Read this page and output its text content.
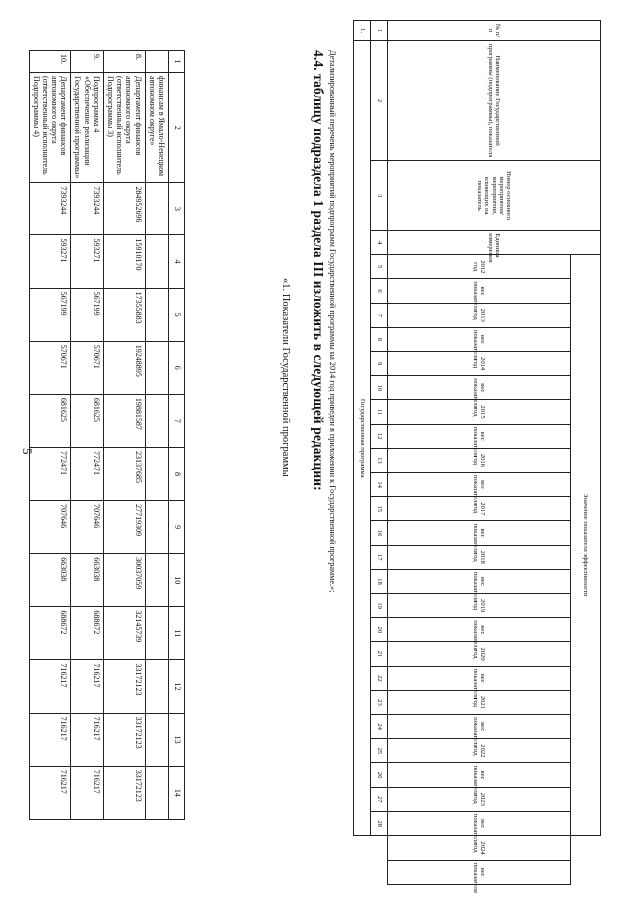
5
1	2	3	4	5	6	7	8	9	10	11	12	13	14
	финансам в Ямало-Ненецком автономном округе»												
8.	Департамент финансов автономного округа (ответственный исполнитель Подпрограммы 3)	284952696	15910170	17355883	19248895	19881587	23137685	27719309	30037059	32145739	33172123	33172123	33172123
9.	Подпрограмма 4 «Обеспечение реализации Государственной программы»	7393244	593271	567199	570671	681625	772471	707646	663038	688672	716217	716217	716217
10.	Департамент финансов автономного округа (ответственный исполнитель Подпрограммы 4)	7393244	593271	567199	570671	681625	772471	707646	663038	688672	716217	716217	716217
Детализированный перечень мероприятий подпрограмм Государственной программы на 2014 год приведен в приложении к Государственной программе.»;
4.4. таблицу подраздела 1 раздела III изложить в следующей редакции:
«1. Показатели Государственной программы
№ п/п	Наименование Государственной программы (подпрограммы), показателя	Номер основного мероприятия/мероприятия, влияющих на показатель	Единица измерения	Значение показателя эффективности																									
				2012 год	вес показателя	2013 год	вес показателя	2014 год	вес показателя	2015 год	вес показателя	2016 год	вес показателя	2017 год	вес показателя	2018 год	вес показателя	2019 год	вес показателя	2020 год	вес показателя	2021 год	вес показателя	2022 год	вес показателя	2023 год	вес показателя	2024 год	вес показателя
1	2	3	4	5	6	7	8	9	10	11	12	13	14	15	16	17	18	19	20	21	22	23	24	25	26	27	28		
1.	Государственная программа																												
